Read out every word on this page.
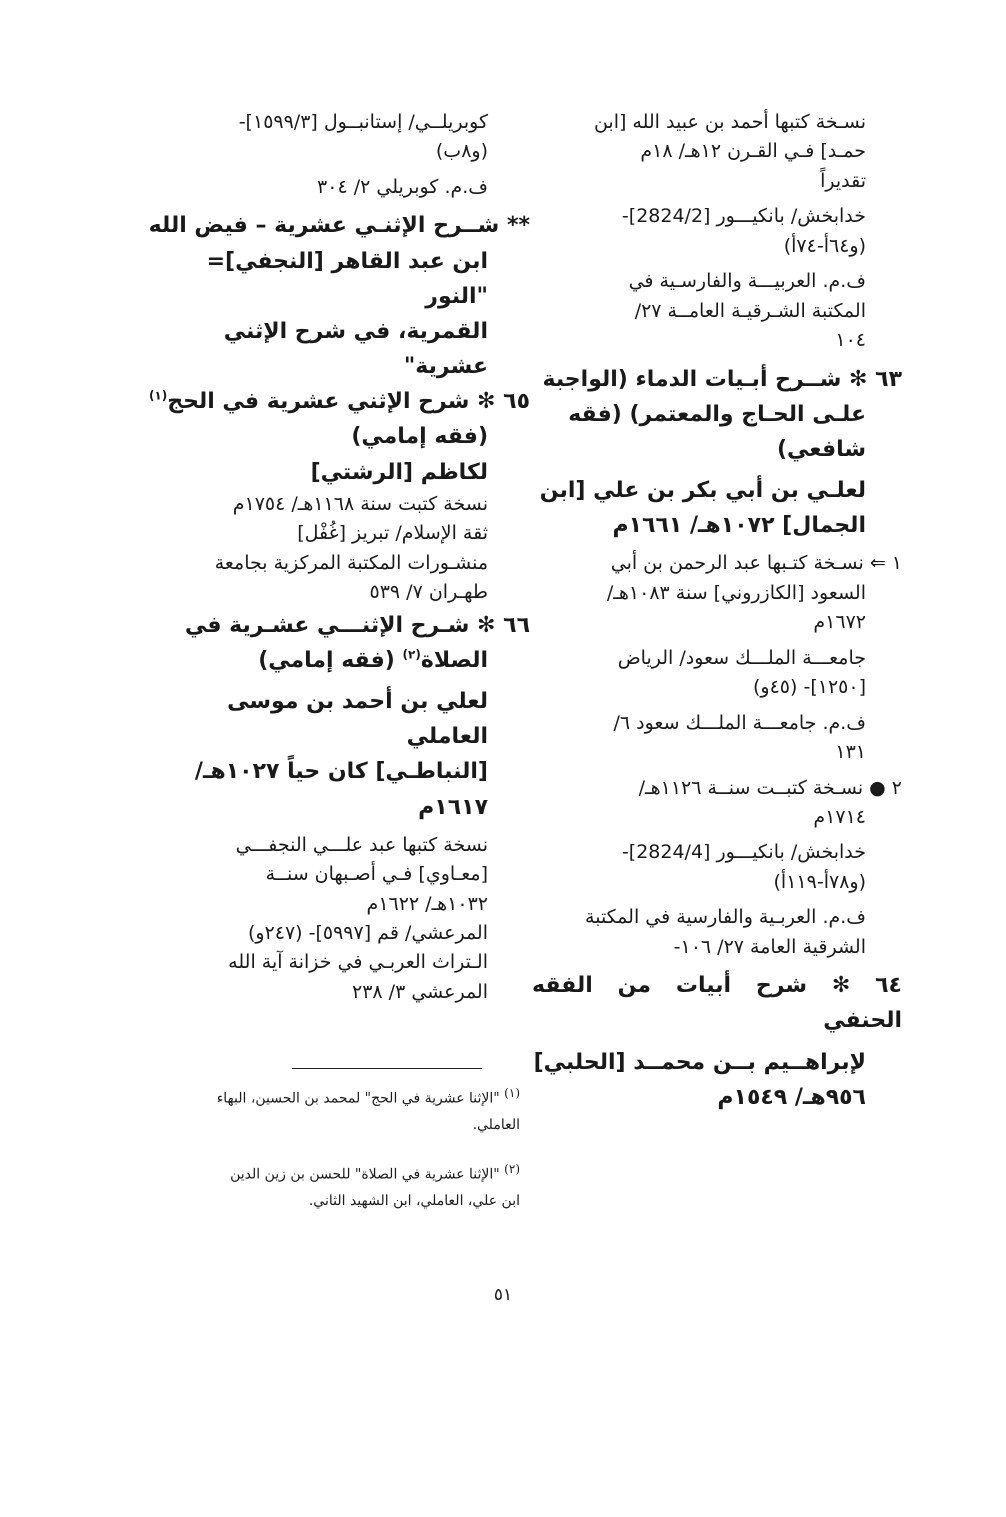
نسـخة كتبها أحمد بن عبيد الله [ابن

حمـد] فـي القـرن ١٢هـ/ ١٨م

تقديراً

خدابخش/ بانكيـــور [2824/2]-

(و٦٤أ-٧٤أ)

ف.م. العربيـــة والفارسـية في

المكتبة الشـرقيـة العامــة ٢٧/

١٠٤

٦٣ ✻ شــرح أبـيات الدماء (الواجبة

علـى الحـاج والمعتمر) (فقه

شافعي)

لعلـي بن أبي بكر بن علي [ابن

الجمال] ١٠٧٢هـ/ ١٦٦١م

١ ⇐ نسـخة كتـبها عبد الرحمن بن أبي

السعود [الكازروني] سنة ١٠٨٣هـ/

١٦٧٢م

جامعـــة الملـــك سعود/ الرياض

[١٢٥٠]- (٤٥و)

ف.م. جامعـــة الملـــك سعود ٦/

١٣١

٢ ● نسـخة كتبــت سنــة ١١٢٦هـ/

١٧١٤م

خدابخش/ بانكيـــور [2824/4]-

(و٧٨أ-١١٩أ)

ف.م. العربـية والفارسية في المكتبة

الشرقية العامة ٢٧/ ١٠٦-

٦٤ ✻ شرح أبيات من الفقه الحنفي

لإبراهــيم بــن محمــد [الحلبي]

٩٥٦هـ/ ١٥٤٩م

كوبريلــي/ إستانبــول [١٥٩٩/٣]-

(و٨ب)

ف.م. كوبريلي ٢/ ٣٠٤

** شــرح الإثنـي عشرية – فيض الله

ابن عبد القاهر [النجفي]= "النور

القمرية، في شرح الإثني عشرية"

٦٥ ✻ شرح الإثني عشرية في الحج$^{(١)}$

(فقه إمامي)

لكاظم [الرشتي]

نسخة كتبت سنة ١١٦٨هـ/ ١٧٥٤م

ثقة الإسلام/ تبريز [غُفْل]

منشـورات المكتبة المركزية بجامعة

طهـران ٧/ ٥٣٩

٦٦ ✻ شـرح الإثنـــي عشـرية في

الصلاة$^{(٢)}$ (فقه إمامي)

لعلي بن أحمد بن موسى العاملي

[النباطـي] كان حياً ١٠٢٧هـ/

١٦١٧م

نسخة كتبها عبد علـــي النجفـــي

[معـاوي] فـي أصـبهان سنــة

١٠٣٢هـ/ ١٦٢٢م

المرعشي/ قم [٥٩٩٧]- (٢٤٧و)

الـتراث العربـي في خزانة آية الله

المرعشي ٣/ ٢٣٨

$^{(١)}$ "الإثنا عشرية في الحج" لمحمد بن الحسين، البهاء
العاملي.
$^{(٢)}$ "الإثنا عشرية في الصلاة" للحسن بن زين الدين
ابن علي، العاملي، ابن الشهيد الثاني.
٥١
